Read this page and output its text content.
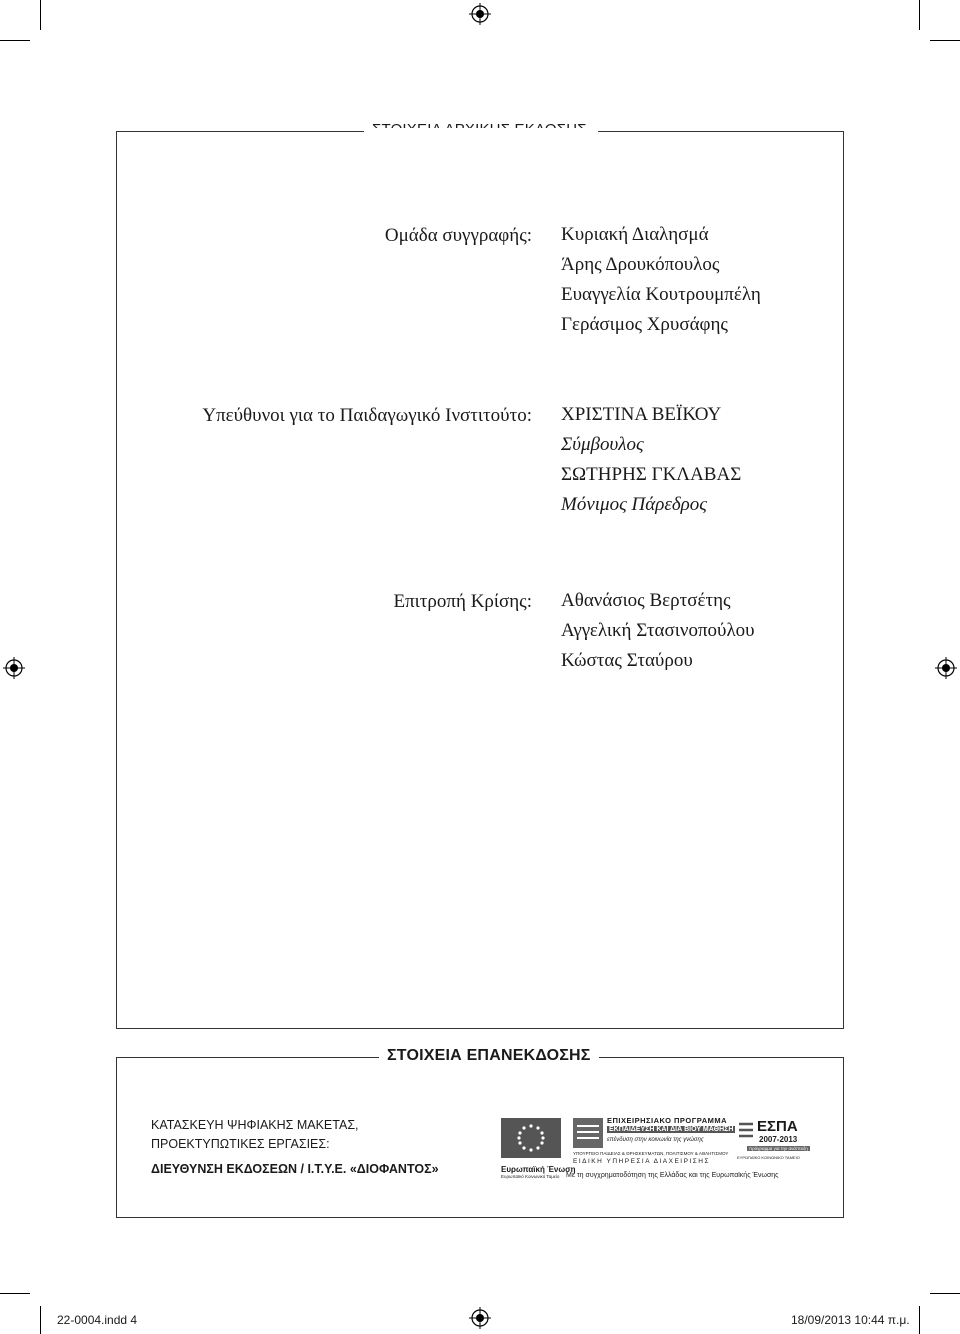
Ομάδα συγγραφής: Κυριακή Διαλησμά
Άρης Δρουκόπουλος
Ευαγγελία Κουτρουμπέλη
Γεράσιμος Χρυσάφης
Υπεύθυνοι για το Παιδαγωγικό Ινστιτούτο: ΧΡΙΣΤΙΝΑ ΒΕΪΚΟΥ
Σύμβουλος
ΣΩΤΗΡΗΣ ΓΚΛΑΒΑΣ
Μόνιμος Πάρεδρος
Επιτροπή Κρίσης: Αθανάσιος Βερτσέτης
Αγγελική Στασινοπούλου
Κώστας Σταύρου
ΣΤΟΙΧΕΙΑ ΕΠΑΝΕΚΔΟΣΗΣ
ΚΑΤΑΣΚΕΥΗ ΨΗΦΙΑΚΗΣ ΜΑΚΕΤΑΣ,
ΠΡΟΕΚΤΥΠΩΤΙΚΕΣ ΕΡΓΑΣΙΕΣ:
ΔΙΕΥΘΥΝΣΗ ΕΚΔΟΣΕΩΝ / Ι.Τ.Υ.Ε. «ΔΙΟΦΑΝΤΟΣ»	Ευρωπαϊκή Ένωση
Ευρωπαϊκό Κοινωνικό Ταμείο
ΕΠΙΧΕΙΡΗΣΙΑΚΟ ΠΡΟΓΡΑΜΜΑ
ΕΚΠΑΙΔΕΥΣΗ ΚΑΙ ΔΙΑ ΒΙΟΥ ΜΑΘΗΣΗ
επένδυση στην κοινωνία της γνώσης
ΥΠΟΥΡΓΕΙΟ ΠΑΙΔΕΙΑΣ & ΘΡΗΣΚΕΥΜΑΤΩΝ, ΠΟΛΙΤΙΣΜΟΥ & ΑΘΛΗΤΙΣΜΟΥ
ΕΙΔΙΚΗ ΥΠΗΡΕΣΙΑ ΔΙΑΧΕΙΡΙΣΗΣ
ΕΣΠΑ
2007-2013
πρόγραμμα για την ανάπτυξη
ΕΥΡΩΠΑΪΚΟ ΚΟΙΝΩΝΙΚΟ ΤΑΜΕΙΟ
Με τη συγχρηματοδότηση της Ελλάδας και της Ευρωπαϊκής Ένωσης
22-0004.indd 4	18/09/2013 10:44 π.μ.
